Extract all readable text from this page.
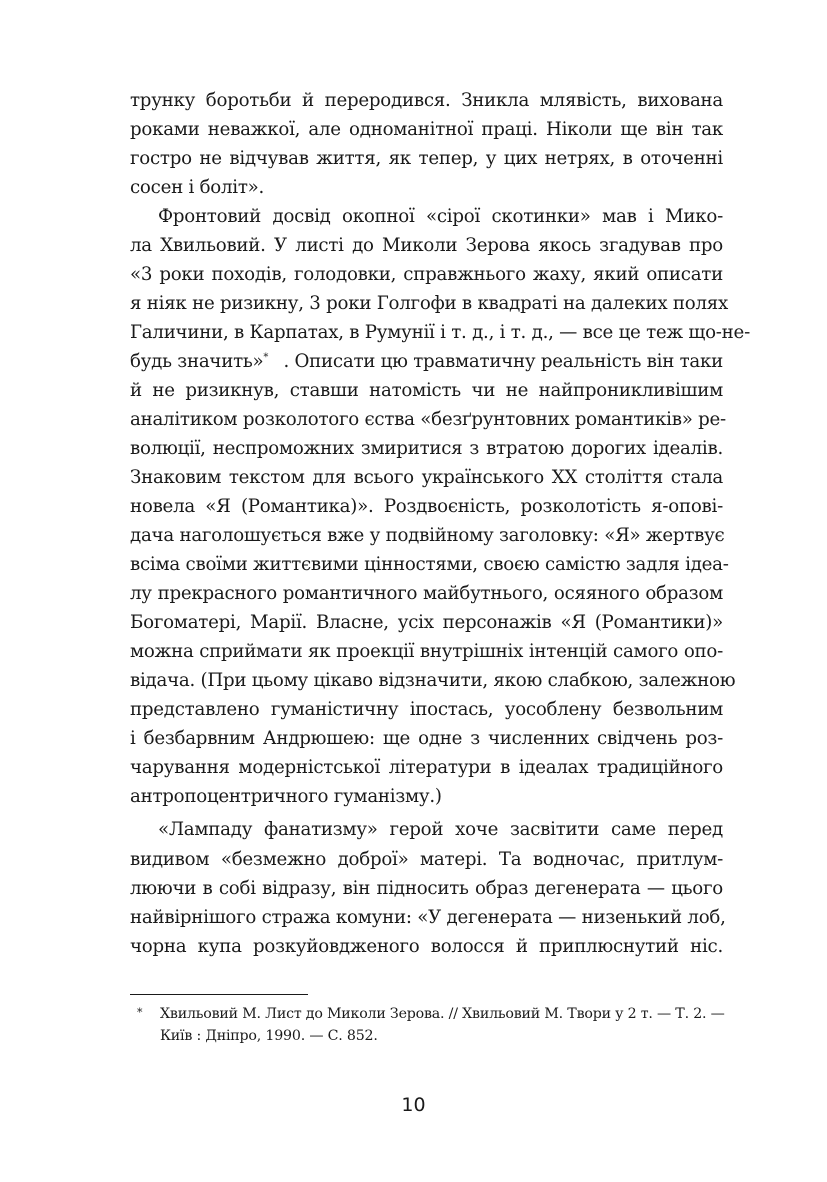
трунку боротьби й переродився. Зникла млявість, вихована
роками неважкої, але одноманітної праці. Ніколи ще він так
гостро не відчував життя, як тепер, у цих нетрях, в оточенні
сосен і боліт».
Фронтовий досвід окопної «сірої скотинки» мав і Мико-
ла Хвильовий. У листі до Миколи Зерова якось згадував про
«3 роки походів, голодовки, справжнього жаху, який описати
я ніяк не ризикну, 3 роки Голгофи в квадраті на далеких полях
Галичини, в Карпатах, в Румунії і т. д., і т. д., — все це теж що-не-
будь значить»* . Описати цю травматичну реальність він таки
й не ризикнув, ставши натомість чи не найпроникливішим
аналітиком розколотого єства «безґрунтовних романтиків» ре-
волюції, неспроможних змиритися з втратою дорогих ідеалів.
Знаковим текстом для всього українського XX століття стала
новела «Я (Романтика)». Роздвоєність, розколотість я-опові-
дача наголошується вже у подвійному заголовку: «Я» жертвує
всіма своїми життєвими цінностями, своєю самістю задля ідеа-
лу прекрасного романтичного майбутнього, осяяного образом
Богоматері, Марії. Власне, усіх персонажів «Я (Романтики)»
можна сприймати як проекції внутрішніх інтенцій самого опо-
відача. (При цьому цікаво відзначити, якою слабкою, залежною
представлено гуманістичну іпостась, уособлену безвольним
і безбарвним Андрюшею: ще одне з численних свідчень роз-
чарування модерністської літератури в ідеалах традиційного
антропоцентричного гуманізму.)
«Лампаду фанатизму» герой хоче засвітити саме перед
видивом «безмежно доброї» матері. Та водночас, притлум-
люючи в собі відразу, він підносить образ дегенерата — цього
найвірнішого стража комуни: «У дегенерата — низенький лоб,
чорна купа розкуйовдженого волосся й приплюснутий ніс.
* Хвильовий М. Лист до Миколи Зерова. // Хвильовий М. Твори у 2 т. — Т. 2. —
Київ : Дніпро, 1990. — С. 852.
10
